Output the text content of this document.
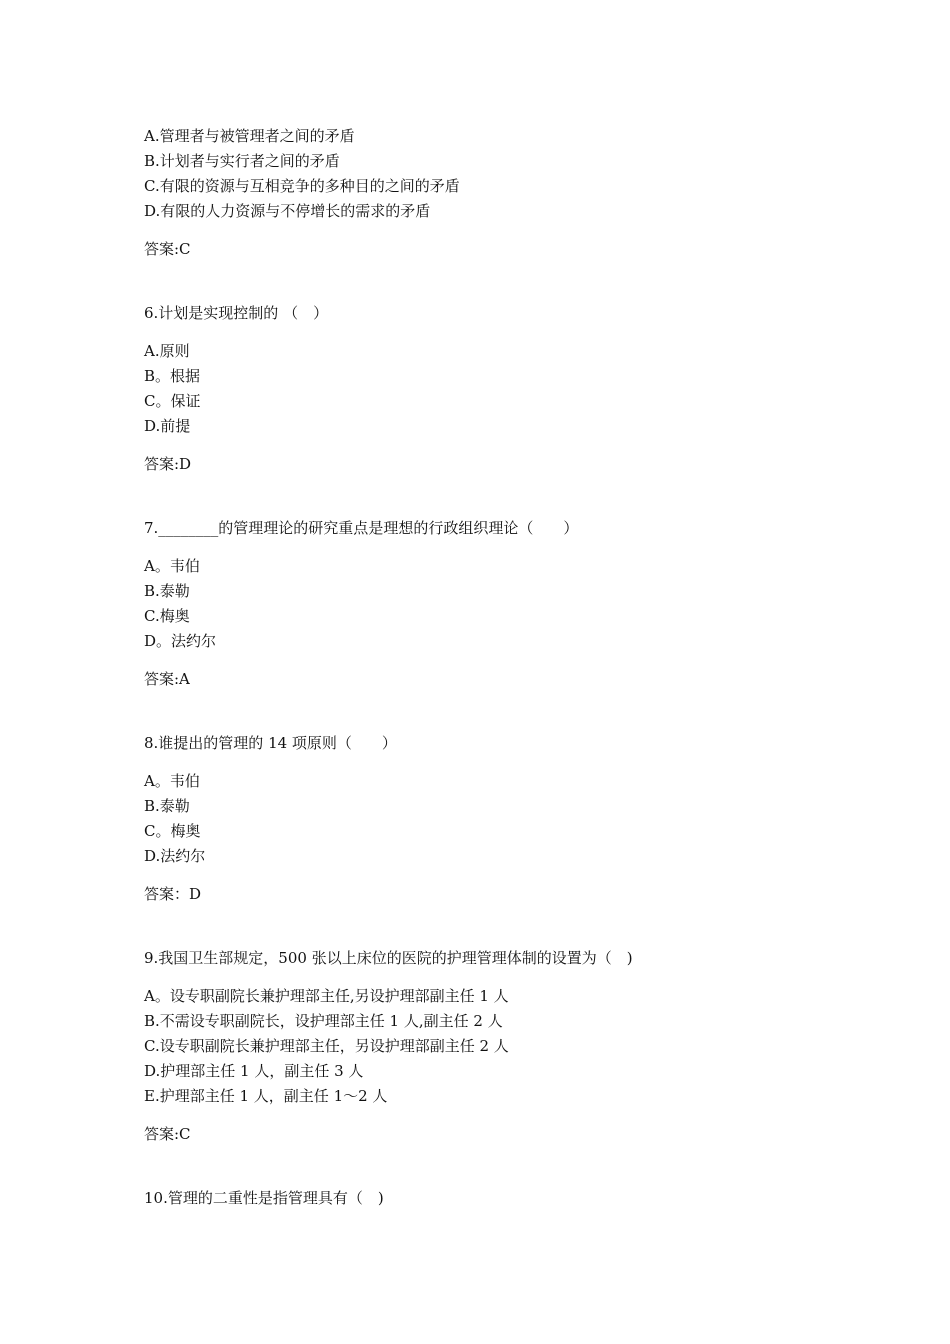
A.管理者与被管理者之间的矛盾
B.计划者与实行者之间的矛盾
C.有限的资源与互相竞争的多种目的之间的矛盾
D.有限的人力资源与不停增长的需求的矛盾
答案:C
6.计划是实现控制的 （　）
A.原则
B。根据
C。保证
D.前提
答案:D
7.________的管理理论的研究重点是理想的行政组织理论（　　）
A。韦伯
B.泰勒
C.梅奥
D。法约尔
答案:A
8.谁提出的管理的 14 项原则（　　）
A。韦伯
B.泰勒
C。梅奥
D.法约尔
答案：D
9.我国卫生部规定，500 张以上床位的医院的护理管理体制的设置为（　)
A。设专职副院长兼护理部主任,另设护理部副主任 1 人
B.不需设专职副院长，设护理部主任 1 人,副主任 2 人
C.设专职副院长兼护理部主任，另设护理部副主任 2 人
D.护理部主任 1 人，副主任 3 人
E.护理部主任 1 人，副主任 1～2 人
答案:C
10.管理的二重性是指管理具有（　)
